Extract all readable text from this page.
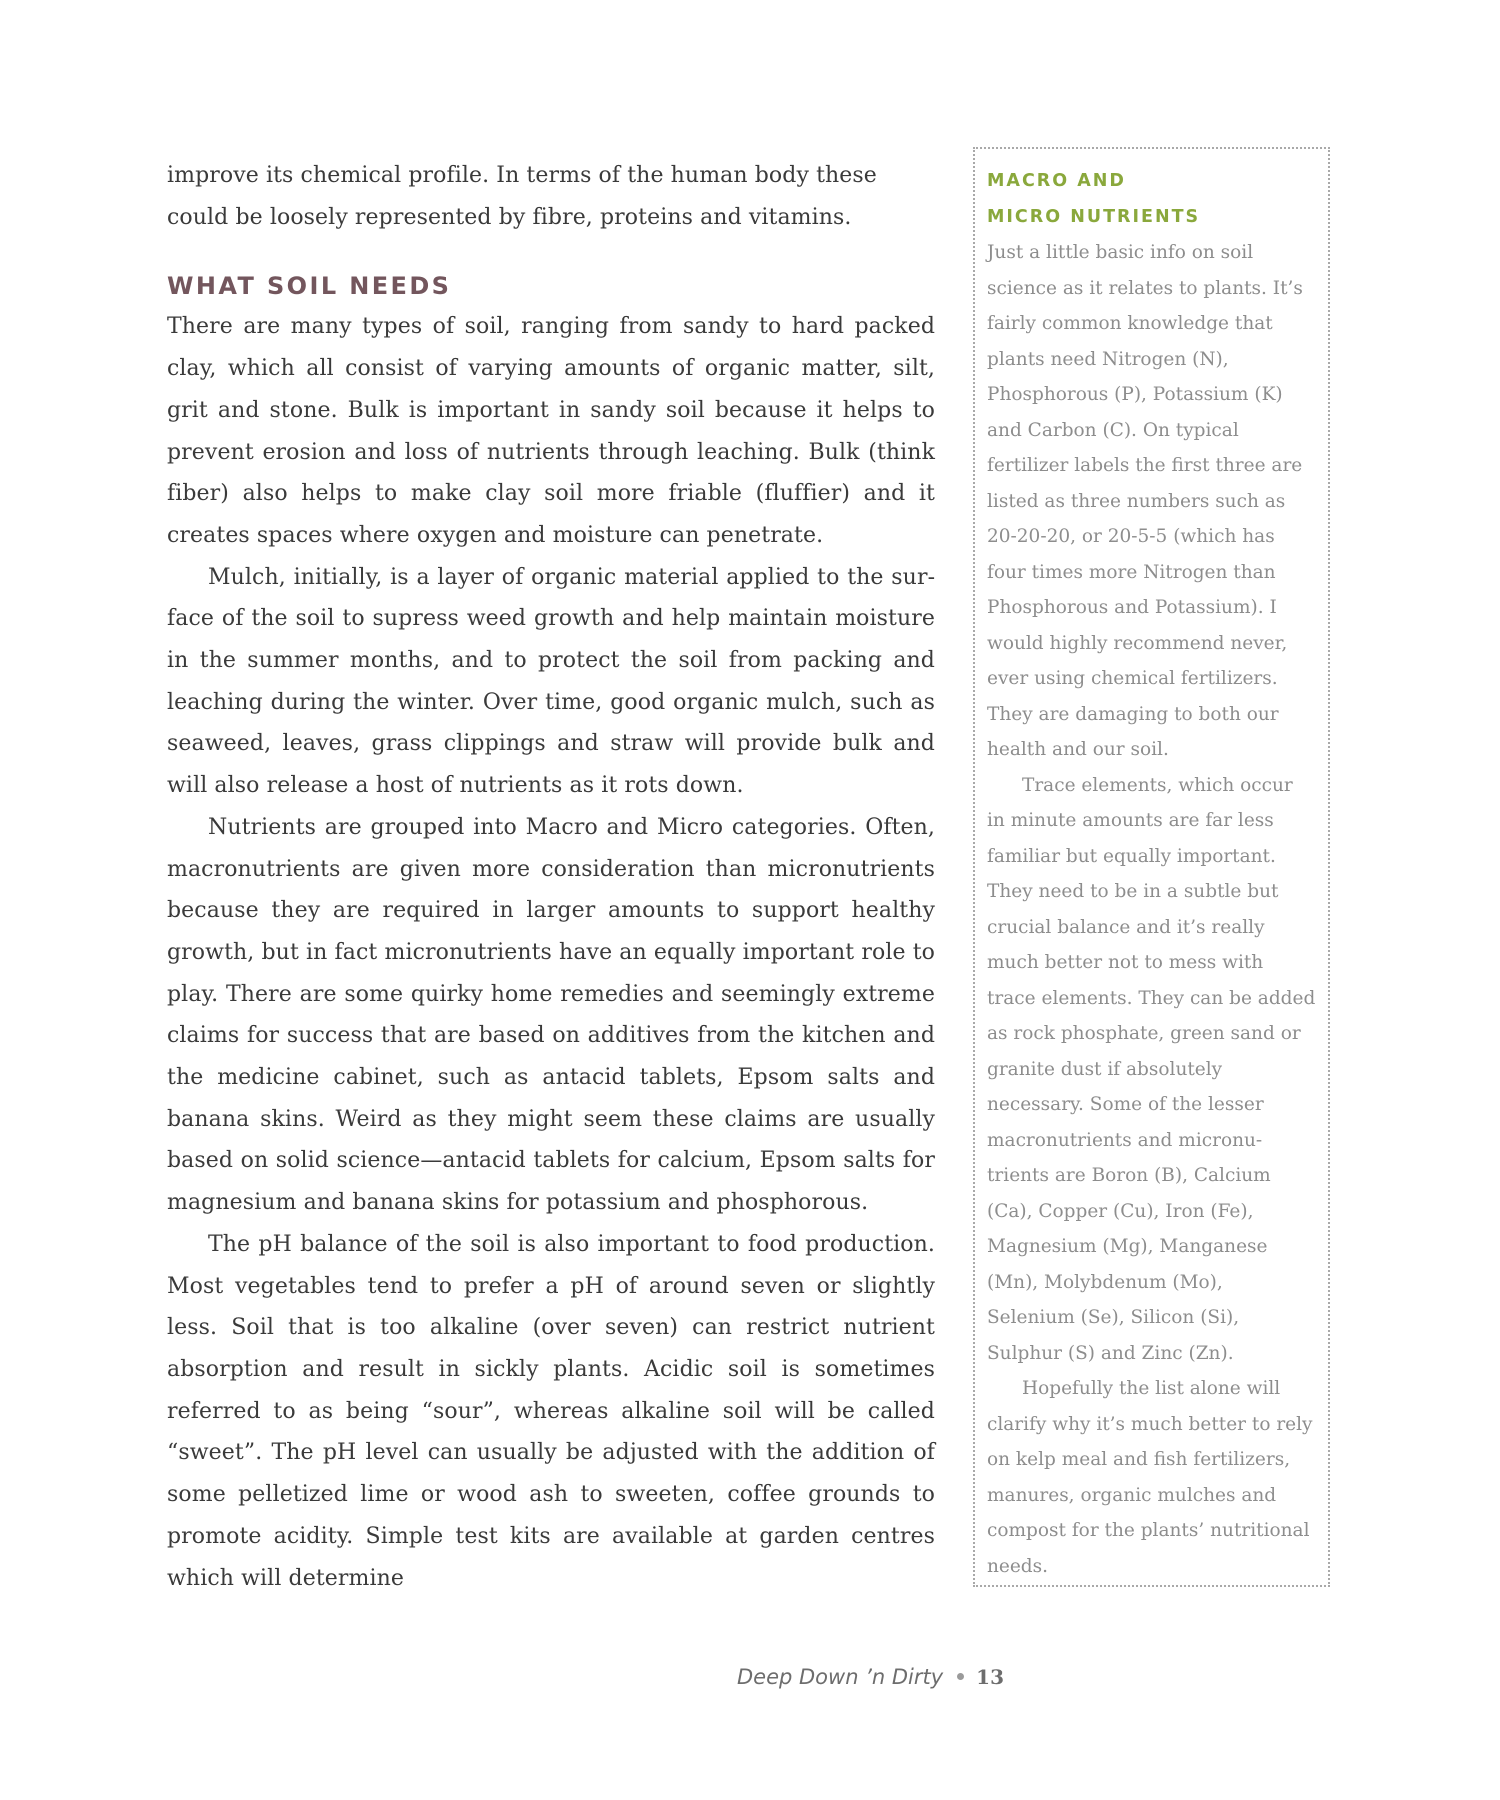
improve its chemical profile. In terms of the human body these could be loosely represented by fibre, proteins and vitamins.

WHAT SOIL NEEDS

There are many types of soil, ranging from sandy to hard packed clay, which all consist of varying amounts of organic matter, silt, grit and stone. Bulk is important in sandy soil because it helps to prevent erosion and loss of nutrients through leaching. Bulk (think fiber) also helps to make clay soil more friable (fluffier) and it creates spaces where oxygen and moisture can penetrate.

Mulch, initially, is a layer of organic material applied to the surface of the soil to supress weed growth and help maintain moisture in the summer months, and to protect the soil from packing and leaching during the winter. Over time, good organic mulch, such as seaweed, leaves, grass clippings and straw will provide bulk and will also release a host of nutrients as it rots down.

Nutrients are grouped into Macro and Micro categories. Often, macronutrients are given more consideration than micronutrients because they are required in larger amounts to support healthy growth, but in fact micronutrients have an equally important role to play. There are some quirky home remedies and seemingly extreme claims for success that are based on additives from the kitchen and the medicine cabinet, such as antacid tablets, Epsom salts and banana skins. Weird as they might seem these claims are usually based on solid science—antacid tablets for calcium, Epsom salts for magnesium and banana skins for potassium and phosphorous.

The pH balance of the soil is also important to food production. Most vegetables tend to prefer a pH of around seven or slightly less. Soil that is too alkaline (over seven) can restrict nutrient absorption and result in sickly plants. Acidic soil is sometimes referred to as being “sour”, whereas alkaline soil will be called “sweet”. The pH level can usually be adjusted with the addition of some pelletized lime or wood ash to sweeten, coffee grounds to promote acidity. Simple test kits are available at garden centres which will determine

MACRO AND
MICRO NUTRIENTS

Just a little basic info on soil science as it relates to plants. It’s fairly common knowledge that plants need Nitrogen (N), Phosphorous (P), Potassium (K) and Carbon (C). On typical fertilizer labels the first three are listed as three numbers such as 20-20-20, or 20-5-5 (which has four times more Nitrogen than Phosphorous and Potassium). I would highly recommend never, ever using chemical fertilizers. They are damaging to both our health and our soil.

Trace elements, which occur in minute amounts are far less familiar but equally important. They need to be in a subtle but crucial balance and it’s really much better not to mess with trace elements. They can be added as rock phosphate, green sand or granite dust if absolutely necessary. Some of the lesser macronutrients and micronutrients are Boron (B), Calcium (Ca), Copper (Cu), Iron (Fe), Magnesium (Mg), Manganese (Mn), Molybdenum (Mo), Selenium (Se), Silicon (Si), Sulphur (S) and Zinc (Zn).

Hopefully the list alone will clarify why it’s much better to rely on kelp meal and fish fertilizers, manures, organic mulches and compost for the plants’ nutritional needs.

Deep Down ’n Dirty 13
